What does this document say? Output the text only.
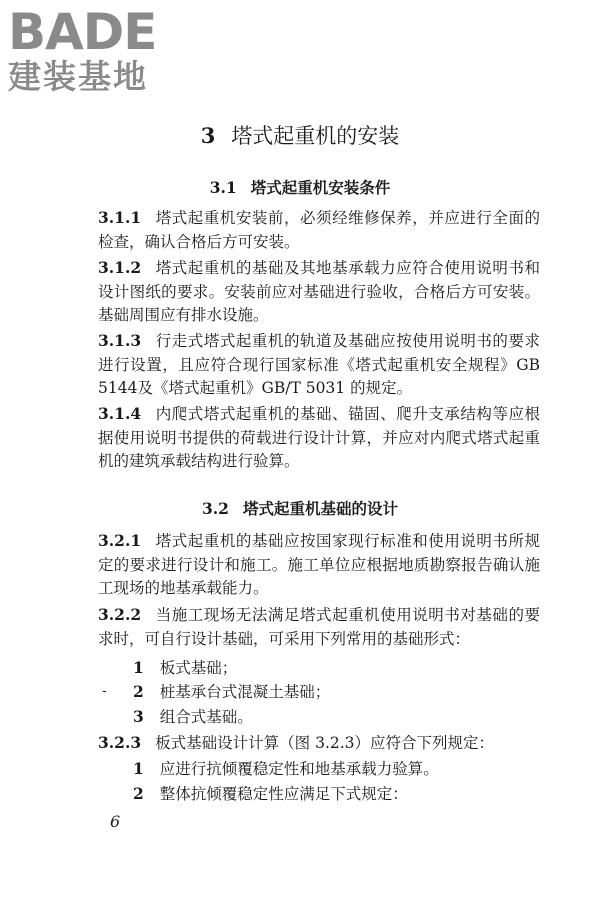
BADE
建装基地
3 塔式起重机的安装
3.1 塔式起重机安装条件
3.1.1 塔式起重机安装前，必须经维修保养，并应进行全面的检查，确认合格后方可安装。
3.1.2 塔式起重机的基础及其地基承载力应符合使用说明书和设计图纸的要求。安装前应对基础进行验收，合格后方可安装。基础周围应有排水设施。
3.1.3 行走式塔式起重机的轨道及基础应按使用说明书的要求进行设置，且应符合现行国家标准《塔式起重机安全规程》GB 5144及《塔式起重机》GB/T 5031 的规定。
3.1.4 内爬式塔式起重机的基础、锚固、爬升支承结构等应根据使用说明书提供的荷载进行设计计算，并应对内爬式塔式起重机的建筑承载结构进行验算。
3.2 塔式起重机基础的设计
3.2.1 塔式起重机的基础应按国家现行标准和使用说明书所规定的要求进行设计和施工。施工单位应根据地质勘察报告确认施工现场的地基承载能力。
3.2.2 当施工现场无法满足塔式起重机使用说明书对基础的要求时，可自行设计基础，可采用下列常用的基础形式：
1 板式基础；
- 2 桩基承台式混凝土基础；
3 组合式基础。
3.2.3 板式基础设计计算（图 3.2.3）应符合下列规定：
1 应进行抗倾覆稳定性和地基承载力验算。
2 整体抗倾覆稳定性应满足下式规定：
6
